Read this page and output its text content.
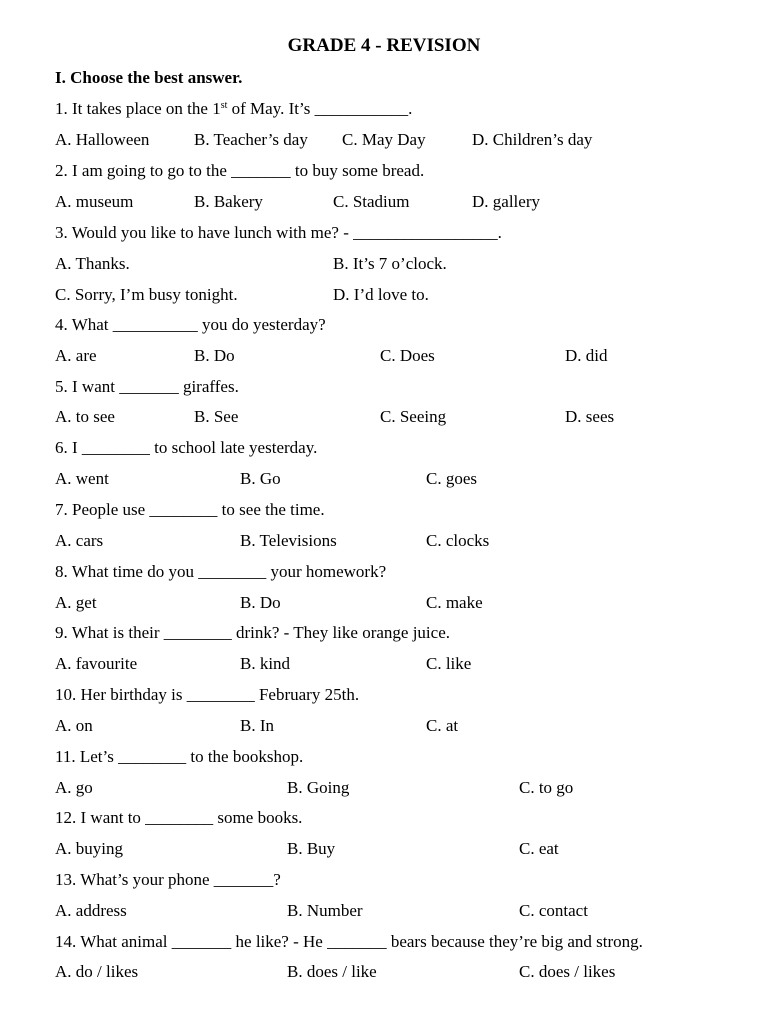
GRADE 4 - REVISION
I. Choose the best answer.
1. It takes place on the 1st of May. It’s ___________.
A. Halloween	B. Teacher’s day C. May Day	D. Children’s day
2. I am going to go to the _______ to buy some bread.
A. museum	B. Bakery	C. Stadium	D. gallery
3. Would you like to have lunch with me? - _________________.
A. Thanks.	B. It’s 7 o’clock.
C. Sorry, I’m busy tonight.	D. I’d love to.
4. What __________ you do yesterday?
A. are	B. Do	C. Does	D. did
5. I want _______ giraffes.
A. to see	B. See	C. Seeing	D. sees
6. I ________ to school late yesterday.
A. went	B. Go	C. goes
7. People use ________ to see the time.
A. cars	B. Televisions	C. clocks
8. What time do you ________ your homework?
A. get	B. Do	C. make
9. What is their ________ drink? - They like orange juice.
A. favourite	B. kind	C. like
10. Her birthday is ________ February 25th.
A. on	B. In	C. at
11. Let’s ________ to the bookshop.
A. go	B. Going	C. to go
12. I want to ________ some books.
A. buying	B. Buy	C. eat
13. What’s your phone _______?
A. address	B. Number	C. contact
14. What animal _______ he like? - He _______ bears because they’re big and strong.
A. do / likes	B. does / like	C. does / likes
